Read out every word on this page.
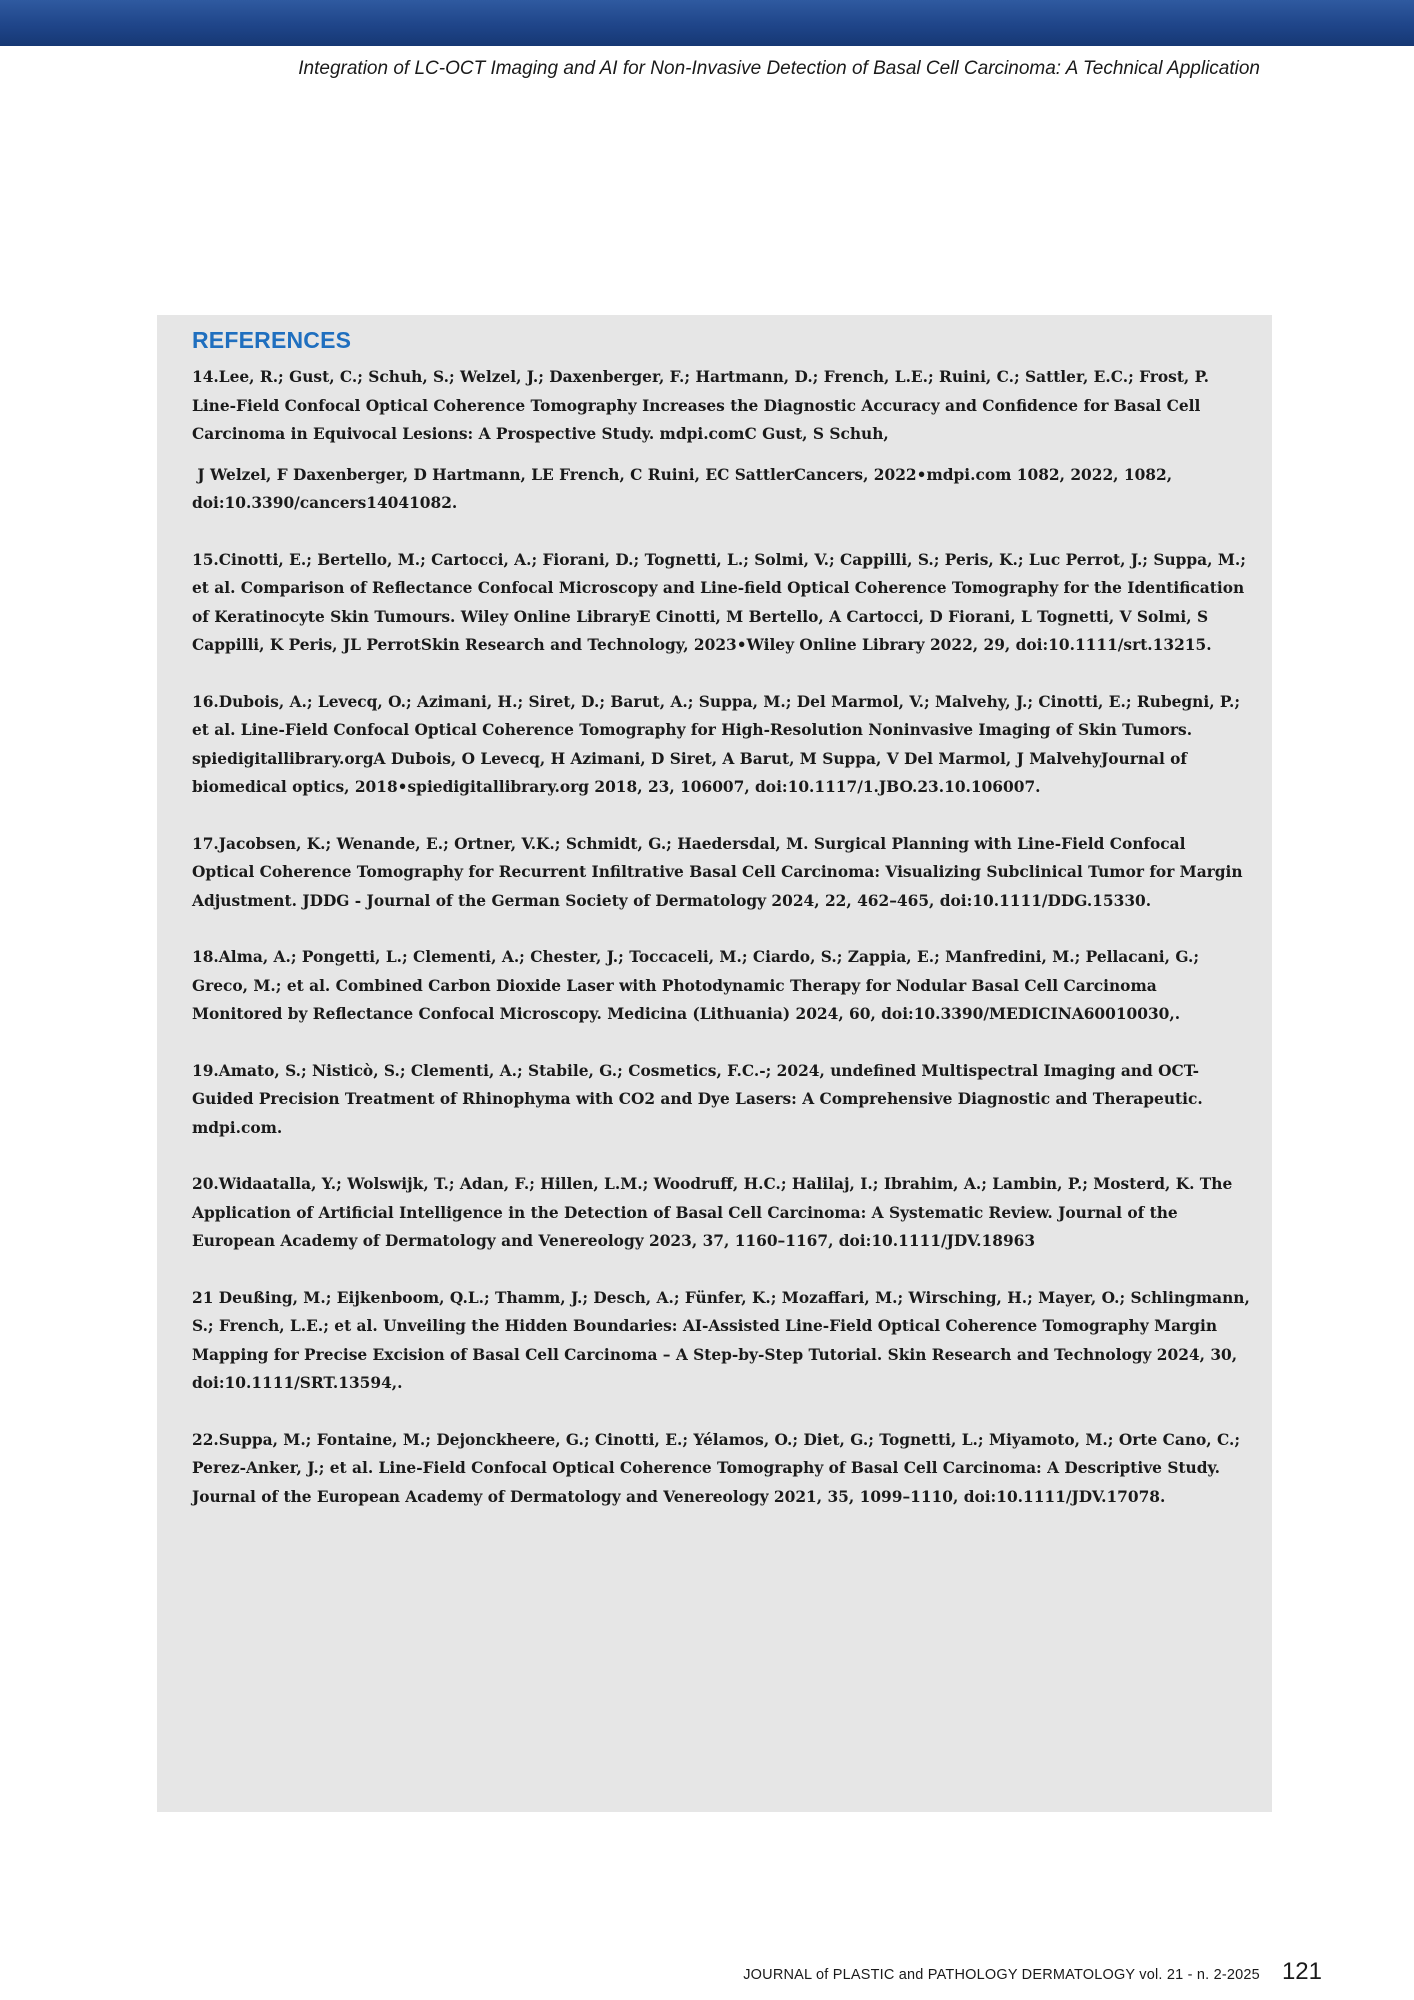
Integration of LC-OCT Imaging and AI for Non-Invasive Detection of Basal Cell Carcinoma: A Technical Application
REFERENCES
14.Lee, R.; Gust, C.; Schuh, S.; Welzel, J.; Daxenberger, F.; Hartmann, D.; French, L.E.; Ruini, C.; Sattler, E.C.; Frost, P. Line-Field Confocal Optical Coherence Tomography Increases the Diagnostic Accuracy and Confidence for Basal Cell Carcinoma in Equivocal Lesions: A Prospective Study. mdpi.comC Gust, S Schuh,
J Welzel, F Daxenberger, D Hartmann, LE French, C Ruini, EC SattlerCancers, 2022•mdpi.com 1082, 2022, 1082, doi:10.3390/cancers14041082.
15.Cinotti, E.; Bertello, M.; Cartocci, A.; Fiorani, D.; Tognetti, L.; Solmi, V.; Cappilli, S.; Peris, K.; Luc Perrot, J.; Suppa, M.; et al. Comparison of Reflectance Confocal Microscopy and Line-field Optical Coherence Tomography for the Identification of Keratinocyte Skin Tumours. Wiley Online LibraryE Cinotti, M Bertello, A Cartocci, D Fiorani, L Tognetti, V Solmi, S Cappilli, K Peris, JL PerrotSkin Research and Technology, 2023•Wiley Online Library 2022, 29, doi:10.1111/srt.13215.
16.Dubois, A.; Levecq, O.; Azimani, H.; Siret, D.; Barut, A.; Suppa, M.; Del Marmol, V.; Malvehy, J.; Cinotti, E.; Rubegni, P.; et al. Line-Field Confocal Optical Coherence Tomography for High-Resolution Noninvasive Imaging of Skin Tumors. spiedigitallibrary.orgA Dubois, O Levecq, H Azimani, D Siret, A Barut, M Suppa, V Del Marmol, J MalvehyJournal of biomedical optics, 2018•spiedigitallibrary.org 2018, 23, 106007, doi:10.1117/1.JBO.23.10.106007.
17.Jacobsen, K.; Wenande, E.; Ortner, V.K.; Schmidt, G.; Haedersdal, M. Surgical Planning with Line-Field Confocal Optical Coherence Tomography for Recurrent Infiltrative Basal Cell Carcinoma: Visualizing Subclinical Tumor for Margin Adjustment. JDDG - Journal of the German Society of Dermatology 2024, 22, 462–465, doi:10.1111/DDG.15330.
18.Alma, A.; Pongetti, L.; Clementi, A.; Chester, J.; Toccaceli, M.; Ciardo, S.; Zappia, E.; Manfredini, M.; Pellacani, G.; Greco, M.; et al. Combined Carbon Dioxide Laser with Photodynamic Therapy for Nodular Basal Cell Carcinoma Monitored by Reflectance Confocal Microscopy. Medicina (Lithuania) 2024, 60, doi:10.3390/MEDICINA60010030,.
19.Amato, S.; Nisticò, S.; Clementi, A.; Stabile, G.; Cosmetics, F.C.-; 2024, undefined Multispectral Imaging and OCT-Guided Precision Treatment of Rhinophyma with CO2 and Dye Lasers: A Comprehensive Diagnostic and Therapeutic. mdpi.com.
20.Widaatalla, Y.; Wolswijk, T.; Adan, F.; Hillen, L.M.; Woodruff, H.C.; Halilaj, I.; Ibrahim, A.; Lambin, P.; Mosterd, K. The Application of Artificial Intelligence in the Detection of Basal Cell Carcinoma: A Systematic Review. Journal of the European Academy of Dermatology and Venereology 2023, 37, 1160–1167, doi:10.1111/JDV.18963
21 Deußing, M.; Eijkenboom, Q.L.; Thamm, J.; Desch, A.; Fünfer, K.; Mozaffari, M.; Wirsching, H.; Mayer, O.; Schlingmann, S.; French, L.E.; et al. Unveiling the Hidden Boundaries: AI-Assisted Line-Field Optical Coherence Tomography Margin Mapping for Precise Excision of Basal Cell Carcinoma – A Step-by-Step Tutorial. Skin Research and Technology 2024, 30, doi:10.1111/SRT.13594,.
22.Suppa, M.; Fontaine, M.; Dejonckheere, G.; Cinotti, E.; Yélamos, O.; Diet, G.; Tognetti, L.; Miyamoto, M.; Orte Cano, C.; Perez-Anker, J.; et al. Line-Field Confocal Optical Coherence Tomography of Basal Cell Carcinoma: A Descriptive Study. Journal of the European Academy of Dermatology and Venereology 2021, 35, 1099–1110, doi:10.1111/JDV.17078.
JOURNAL of PLASTIC and PATHOLOGY DERMATOLOGY vol. 21 - n. 2-2025 121
